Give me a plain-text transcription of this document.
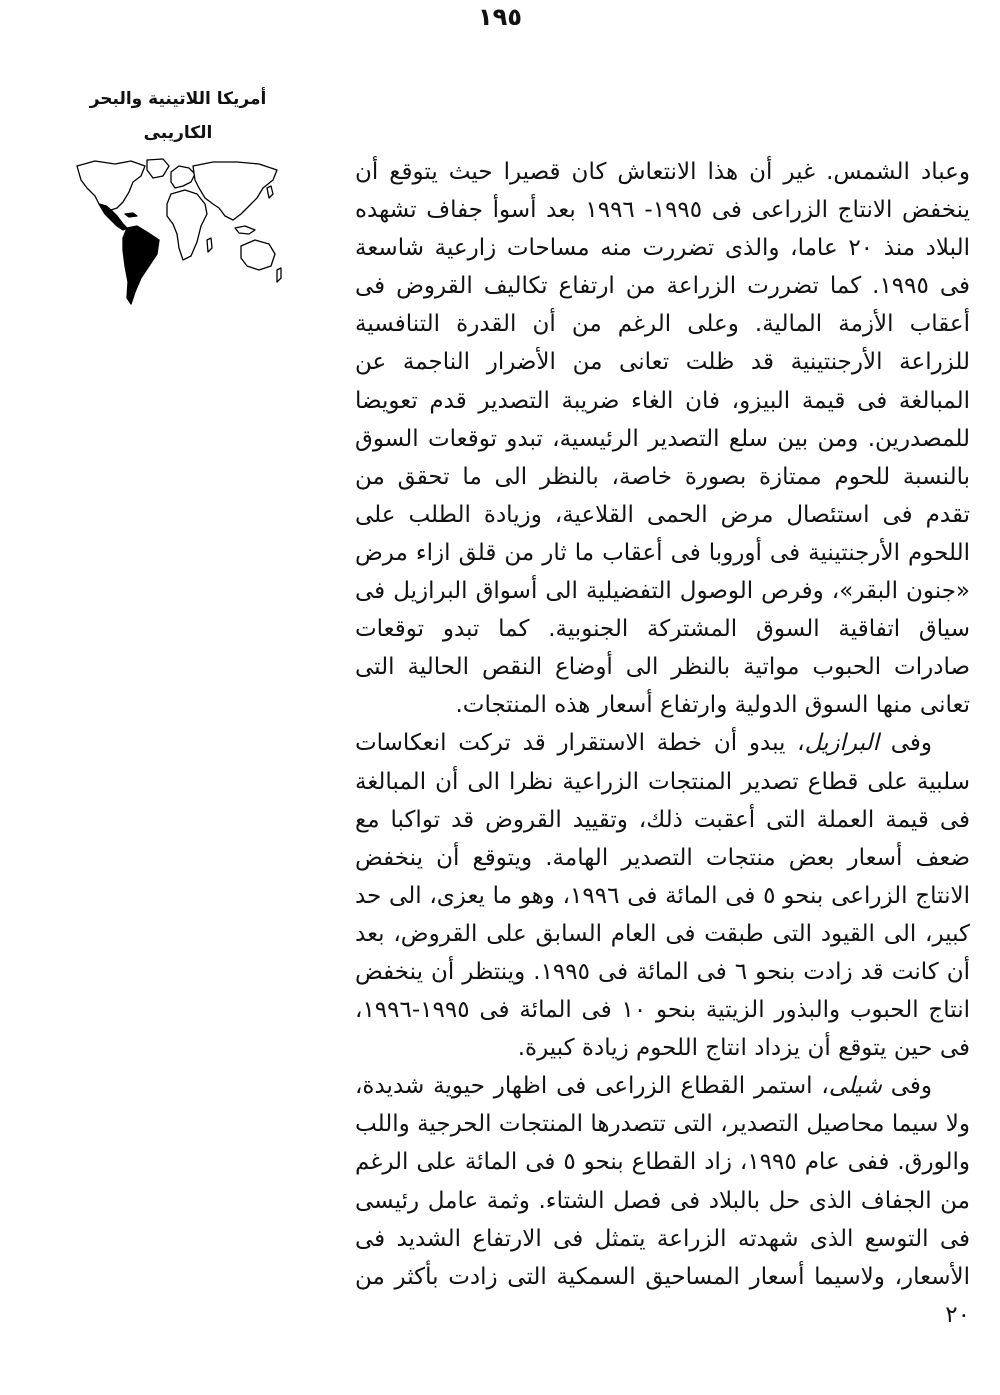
١٩٥
أمريكا اللاتينية والبحر
الكاريبى

وعباد الشمس. غير أن هذا الانتعاش كان قصيرا حيث يتوقع أن ينخفض الانتاج الزراعى فى ١٩٩٥- ١٩٩٦ بعد أسوأ جفاف تشهده البلاد منذ ٢٠ عاما، والذى تضررت منه مساحات زارعية شاسعة فى ١٩٩٥. كما تضررت الزراعة من ارتفاع تكاليف القروض فى أعقاب الأزمة المالية. وعلى الرغم من أن القدرة التنافسية للزراعة الأرجنتينية قد ظلت تعانى من الأضرار الناجمة عن المبالغة فى قيمة البيزو، فان الغاء ضريبة التصدير قدم تعويضا للمصدرين. ومن بين سلع التصدير الرئيسية، تبدو توقعات السوق بالنسبة للحوم ممتازة بصورة خاصة، بالنظر الى ما تحقق من تقدم فى استئصال مرض الحمى القلاعية، وزيادة الطلب على اللحوم الأرجنتينية فى أوروبا فى أعقاب ما ثار من قلق ازاء مرض «جنون البقر»، وفرص الوصول التفضيلية الى أسواق البرازيل فى سياق اتفاقية السوق المشتركة الجنوبية. كما تبدو توقعات صادرات الحبوب مواتية بالنظر الى أوضاع النقص الحالية التى تعانى منها السوق الدولية وارتفاع أسعار هذه المنتجات.

وفى البرازيل، يبدو أن خطة الاستقرار قد تركت انعكاسات سلبية على قطاع تصدير المنتجات الزراعية نظرا الى أن المبالغة فى قيمة العملة التى أعقبت ذلك، وتقييد القروض قد تواكبا مع ضعف أسعار بعض منتجات التصدير الهامة. ويتوقع أن ينخفض الانتاج الزراعى بنحو ٥ فى المائة فى ١٩٩٦، وهو ما يعزى، الى حد كبير، الى القيود التى طبقت فى العام السابق على القروض، بعد أن كانت قد زادت بنحو ٦ فى المائة فى ١٩٩٥. وينتظر أن ينخفض انتاج الحبوب والبذور الزيتية بنحو ١٠ فى المائة فى ١٩٩٥-١٩٩٦، فى حين يتوقع أن يزداد انتاج اللحوم زيادة كبيرة.

وفى شيلى، استمر القطاع الزراعى فى اظهار حيوية شديدة، ولا سيما محاصيل التصدير، التى تتصدرها المنتجات الحرجية واللب والورق. ففى عام ١٩٩٥، زاد القطاع بنحو ٥ فى المائة على الرغم من الجفاف الذى حل بالبلاد فى فصل الشتاء. وثمة عامل رئيسى فى التوسع الذى شهدته الزراعة يتمثل فى الارتفاع الشديد فى الأسعار، ولاسيما أسعار المساحيق السمكية التى زادت بأكثر من ٢٠
